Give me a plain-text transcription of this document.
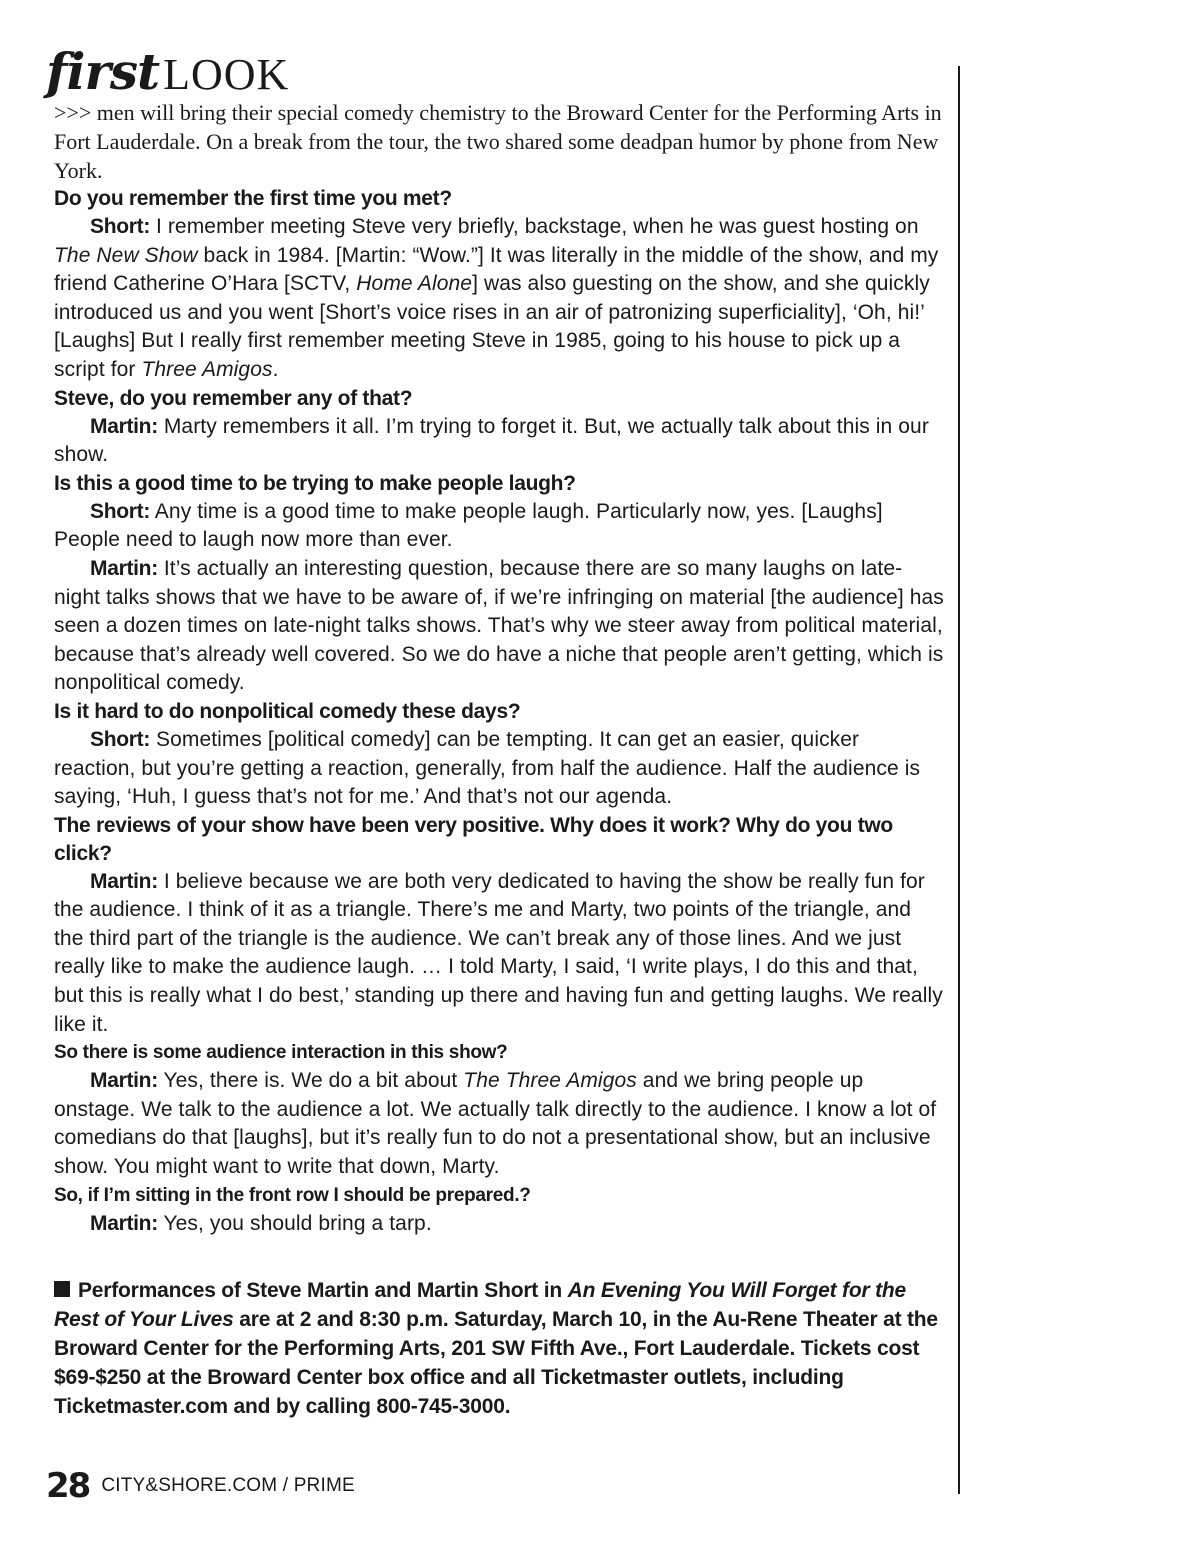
firstLOOK

>>> men will bring their special comedy chemistry to the Broward Center for the Performing Arts in Fort Lauderdale. On a break from the tour, the two shared some deadpan humor by phone from New York.

Do you remember the first time you met?

Short: I remember meeting Steve very briefly, backstage, when he was guest hosting on The New Show back in 1984. [Martin: “Wow.”] It was literally in the middle of the show, and my friend Catherine O’Hara [SCTV, Home Alone] was also guesting on the show, and she quickly introduced us and you went [Short’s voice rises in an air of patronizing superficiality], ‘Oh, hi!’ [Laughs] But I really first remember meeting Steve in 1985, going to his house to pick up a script for Three Amigos.

Steve, do you remember any of that?

Martin: Marty remembers it all. I’m trying to forget it. But, we actually talk about this in our show.

Is this a good time to be trying to make people laugh?

Short: Any time is a good time to make people laugh. Particularly now, yes. [Laughs] People need to laugh now more than ever.

Martin: It’s actually an interesting question, because there are so many laughs on late-night talks shows that we have to be aware of, if we’re infringing on material [the audience] has seen a dozen times on late-night talks shows. That’s why we steer away from political material, because that’s already well covered. So we do have a niche that people aren’t getting, which is nonpolitical comedy.

Is it hard to do nonpolitical comedy these days?

Short: Sometimes [political comedy] can be tempting. It can get an easier, quicker reaction, but you’re getting a reaction, generally, from half the audience. Half the audience is saying, ‘Huh, I guess that’s not for me.’ And that’s not our agenda.

The reviews of your show have been very positive. Why does it work? Why do you two click?

Martin: I believe because we are both very dedicated to having the show be really fun for the audience. I think of it as a triangle. There’s me and Marty, two points of the triangle, and the third part of the triangle is the audience. We can’t break any of those lines. And we just really like to make the audience laugh. … I told Marty, I said, ‘I write plays, I do this and that, but this is really what I do best,’ standing up there and having fun and getting laughs. We really like it.

So there is some audience interaction in this show?

Martin: Yes, there is. We do a bit about The Three Amigos and we bring people up onstage. We talk to the audience a lot. We actually talk directly to the audience. I know a lot of comedians do that [laughs], but it’s really fun to do not a presentational show, but an inclusive show. You might want to write that down, Marty.

So, if I’m sitting in the front row I should be prepared.?

Martin: Yes, you should bring a tarp.

Performances of Steve Martin and Martin Short in An Evening You Will Forget for the Rest of Your Lives are at 2 and 8:30 p.m. Saturday, March 10, in the Au-Rene Theater at the Broward Center for the Performing Arts, 201 SW Fifth Ave., Fort Lauderdale. Tickets cost $69-$250 at the Broward Center box office and all Ticketmaster outlets, including Ticketmaster.com and by calling 800-745-3000.

28 CITY&SHORE.COM / PRIME
